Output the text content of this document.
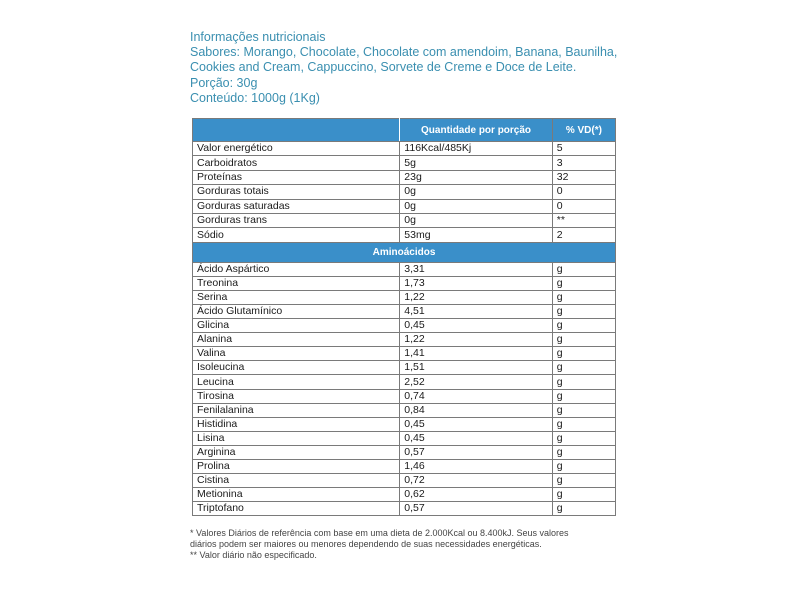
Informações nutricionais
Sabores: Morango, Chocolate, Chocolate com amendoim, Banana, Baunilha,
Cookies and Cream, Cappuccino, Sorvete de Creme e Doce de Leite.
Porção: 30g
Conteúdo: 1000g (1Kg)
	Quantidade por porção	% VD(*)
Valor energético	116Kcal/485Kj	5
Carboidratos	5g	3
Proteínas	23g	32
Gorduras totais	0g	0
Gorduras saturadas	0g	0
Gorduras trans	0g	**
Sódio	53mg	2
Aminoácidos		
Ácido Aspártico	3,31	g
Treonina	1,73	g
Serina	1,22	g
Ácido Glutamínico	4,51	g
Glicina	0,45	g
Alanina	1,22	g
Valina	1,41	g
Isoleucina	1,51	g
Leucina	2,52	g
Tirosina	0,74	g
Fenilalanina	0,84	g
Histidina	0,45	g
Lisina	0,45	g
Arginina	0,57	g
Prolina	1,46	g
Cistina	0,72	g
Metionina	0,62	g
Triptofano	0,57	g
* Valores Diários de referência com base em uma dieta de 2.000Kcal ou 8.400kJ. Seus valores
diários podem ser maiores ou menores dependendo de suas necessidades energéticas.
** Valor diário não especificado.
